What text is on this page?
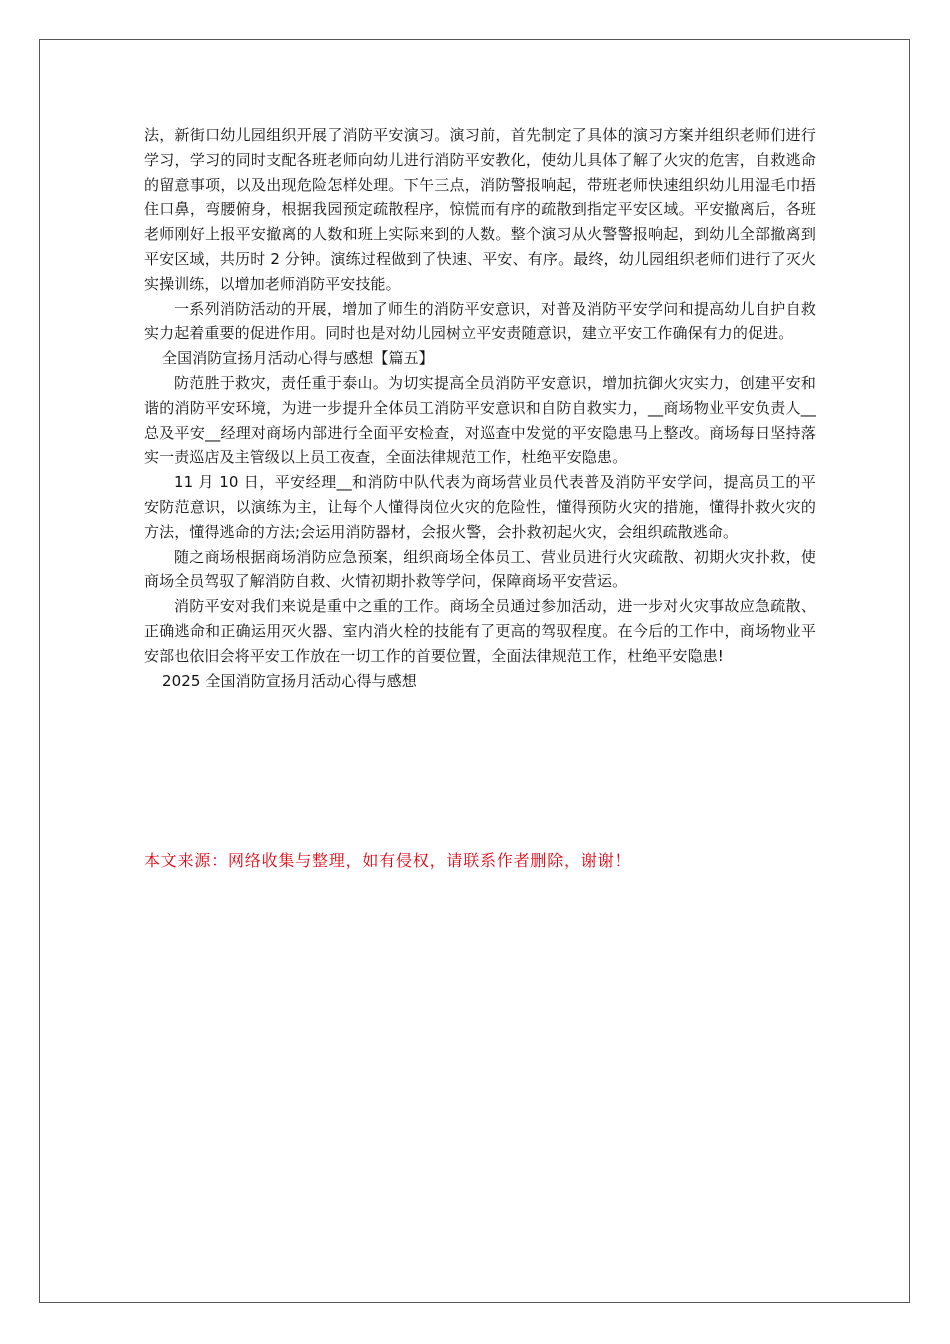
法，新街口幼儿园组织开展了消防平安演习。演习前，首先制定了具体的演习方案并组织老师们进行学习，学习的同时支配各班老师向幼儿进行消防平安教化，使幼儿具体了解了火灾的危害，自救逃命的留意事项，以及出现危险怎样处理。下午三点，消防警报响起，带班老师快速组织幼儿用湿毛巾捂住口鼻，弯腰俯身，根据我园预定疏散程序，惊慌而有序的疏散到指定平安区域。平安撤离后，各班老师刚好上报平安撤离的人数和班上实际来到的人数。整个演习从火警警报响起，到幼儿全部撤离到平安区域，共历时 2 分钟。演练过程做到了快速、平安、有序。最终，幼儿园组织老师们进行了灭火实操训练，以增加老师消防平安技能。

一系列消防活动的开展，增加了师生的消防平安意识，对普及消防平安学问和提高幼儿自护自救实力起着重要的促进作用。同时也是对幼儿园树立平安责随意识，建立平安工作确保有力的促进。

全国消防宣扬月活动心得与感想【篇五】

防范胜于救灾，责任重于泰山。为切实提高全员消防平安意识，增加抗御火灾实力，创建平安和谐的消防平安环境，为进一步提升全体员工消防平安意识和自防自救实力，__商场物业平安负责人__总及平安__经理对商场内部进行全面平安检查，对巡查中发觉的平安隐患马上整改。商场每日坚持落实一责巡店及主管级以上员工夜查，全面法律规范工作，杜绝平安隐患。

11 月 10 日，平安经理__和消防中队代表为商场营业员代表普及消防平安学问，提高员工的平安防范意识，以演练为主，让每个人懂得岗位火灾的危险性，懂得预防火灾的措施，懂得扑救火灾的方法，懂得逃命的方法;会运用消防器材，会报火警，会扑救初起火灾，会组织疏散逃命。

随之商场根据商场消防应急预案，组织商场全体员工、营业员进行火灾疏散、初期火灾扑救，使商场全员驾驭了解消防自救、火情初期扑救等学问，保障商场平安营运。

消防平安对我们来说是重中之重的工作。商场全员通过参加活动，进一步对火灾事故应急疏散、正确逃命和正确运用灭火器、室内消火栓的技能有了更高的驾驭程度。在今后的工作中，商场物业平安部也依旧会将平安工作放在一切工作的首要位置，全面法律规范工作，杜绝平安隐患!

2025 全国消防宣扬月活动心得与感想

本文来源：网络收集与整理，如有侵权，请联系作者删除，谢谢！
